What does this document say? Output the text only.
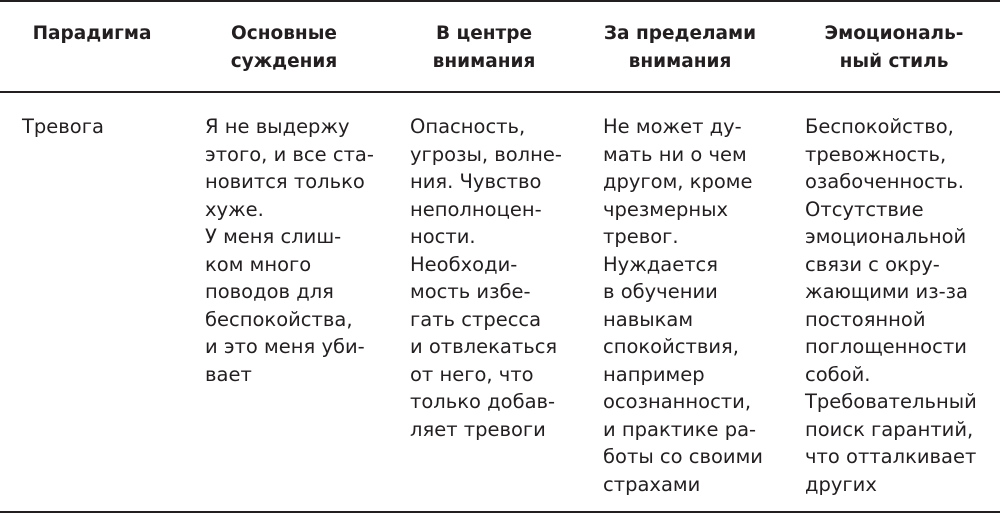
Парадигма	Основные
суждения
В центре
внимания
За пределами
внимания
Эмоциональ-
ный стиль
Тревога	Я не выдержу
этого, и все ста-
новится только
хуже.
У меня слиш-
ком много
поводов для
беспокойства,
и это меня уби-
вает
Опасность,
угрозы, волне-
ния. Чувство
неполноцен-
ности.
Необходи-
мость избе-
гать стресса
и отвлекаться
от него, что
только добав-
ляет тревоги
Не может ду-
мать ни о чем
другом, кроме
чрезмерных
тревог.
Нуждается
в обучении
навыкам
спокойствия,
например
осознанности,
и практике ра-
боты со своими
страхами
Беспокойство,
тревожность,
озабоченность.
Отсутствие
эмоциональной
связи с окру-
жающими из-за
постоянной
поглощенности
собой.
Требовательный
поиск гарантий,
что отталкивает
других
